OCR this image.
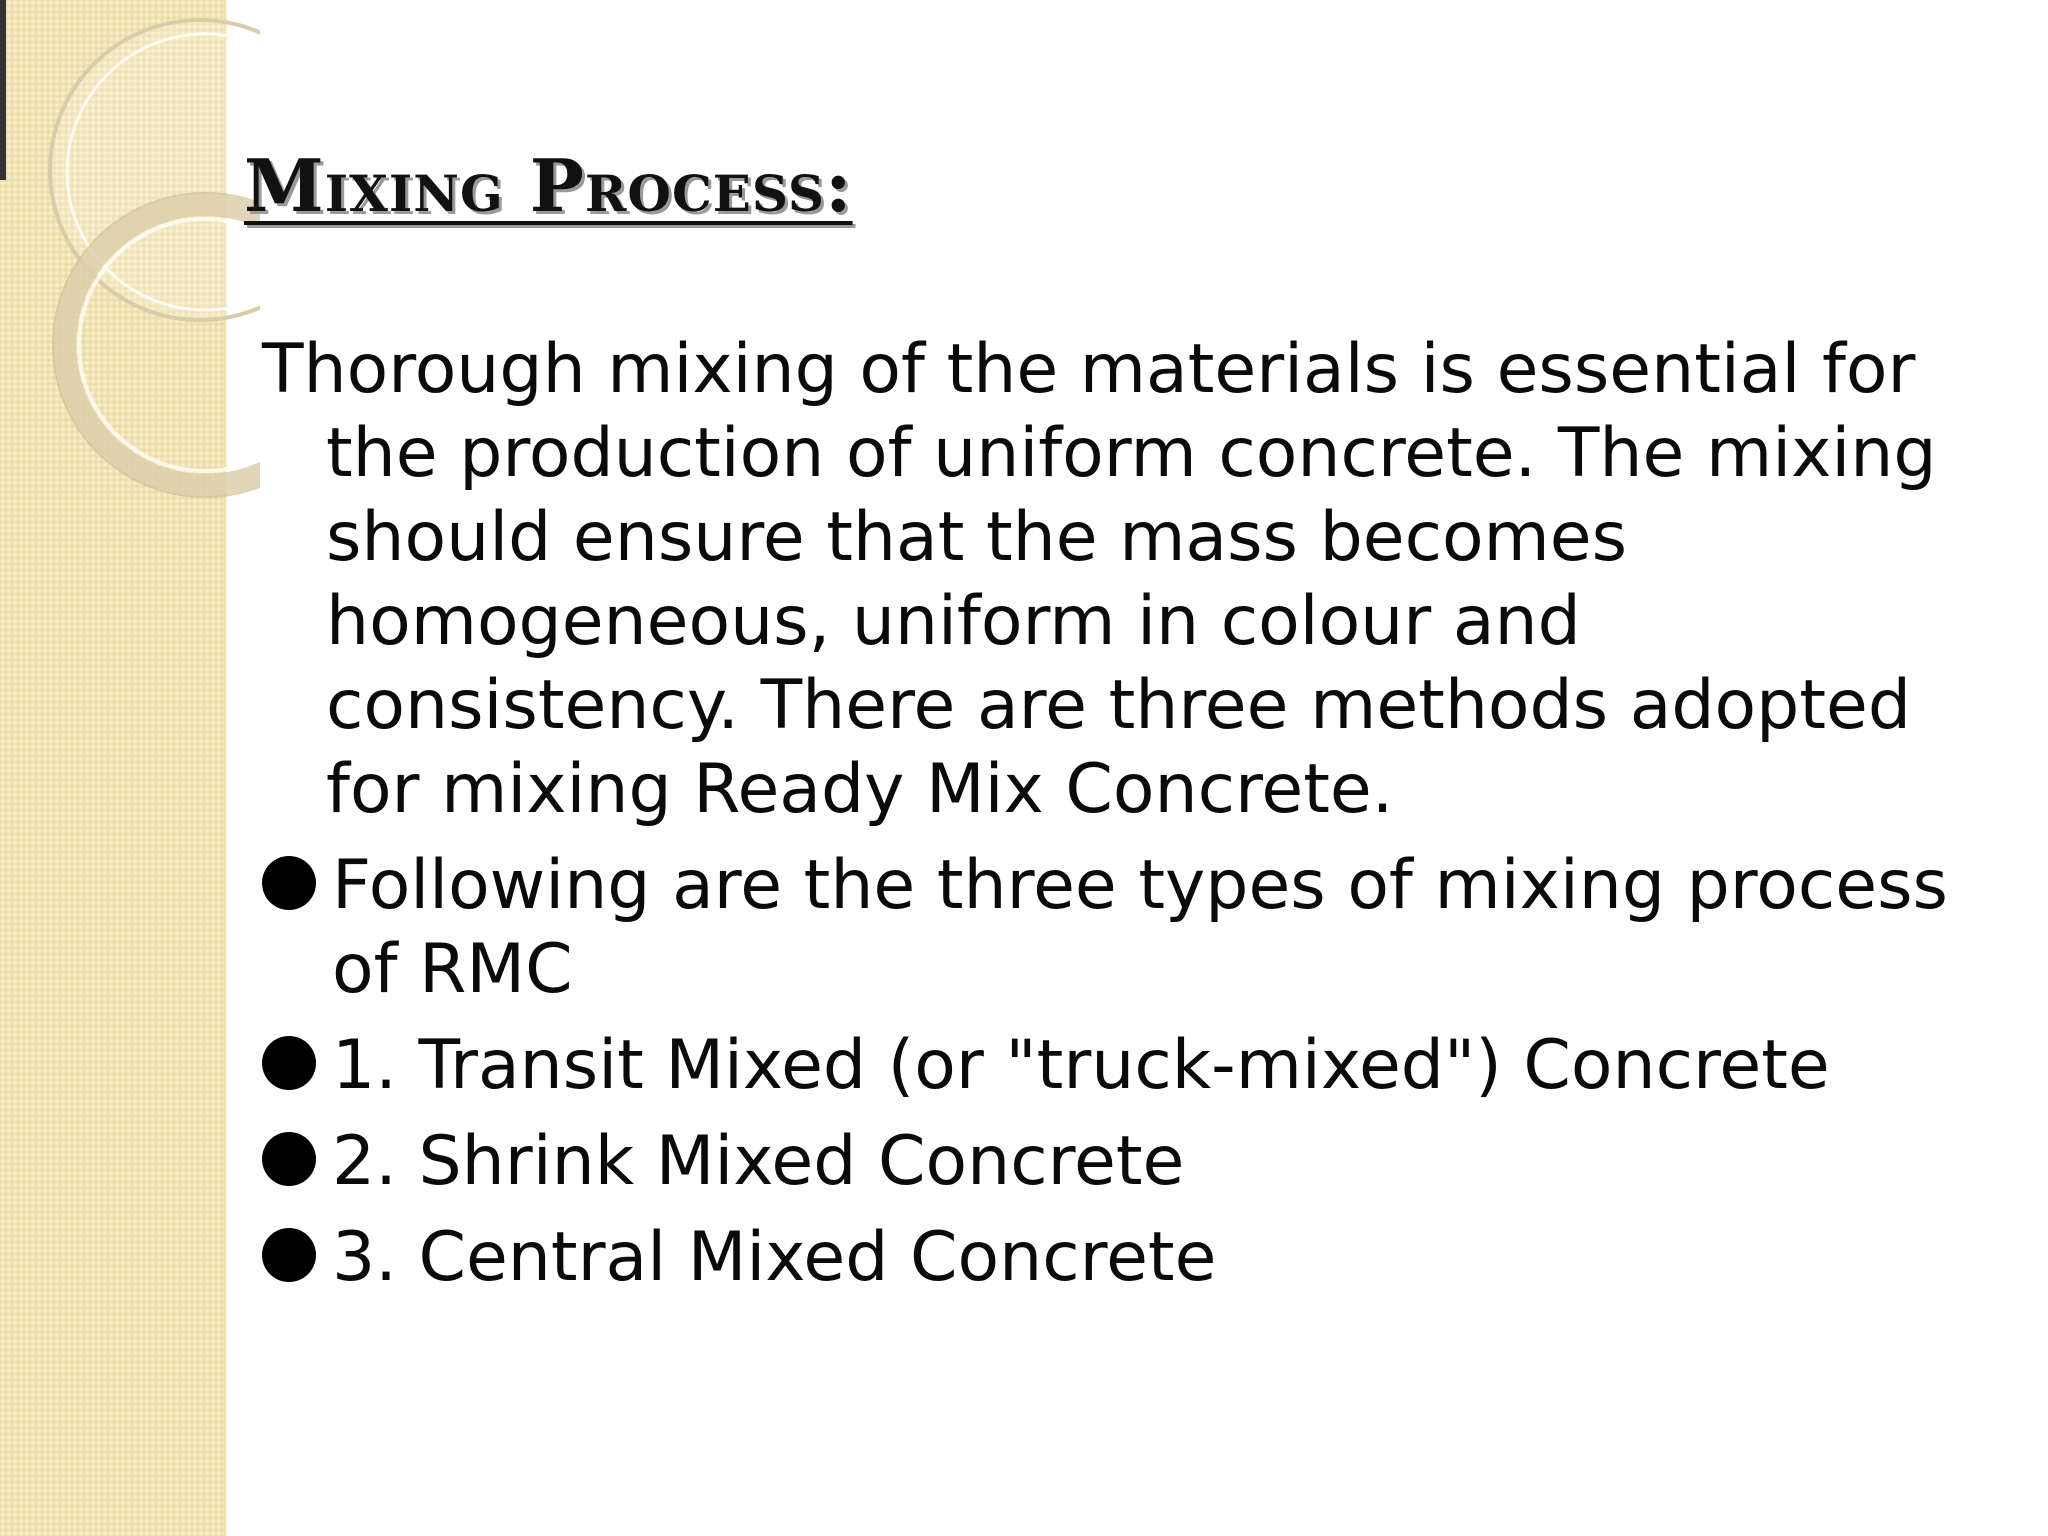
Mixing Process:

Thorough mixing of the materials is essential for the production of uniform concrete. The mixing should ensure that the mass becomes homogeneous, uniform in colour and consistency. There are three methods adopted for mixing Ready Mix Concrete.

Following are the three types of mixing process of RMC
1. Transit Mixed (or "truck-mixed") Concrete
2. Shrink Mixed Concrete
3. Central Mixed Concrete
